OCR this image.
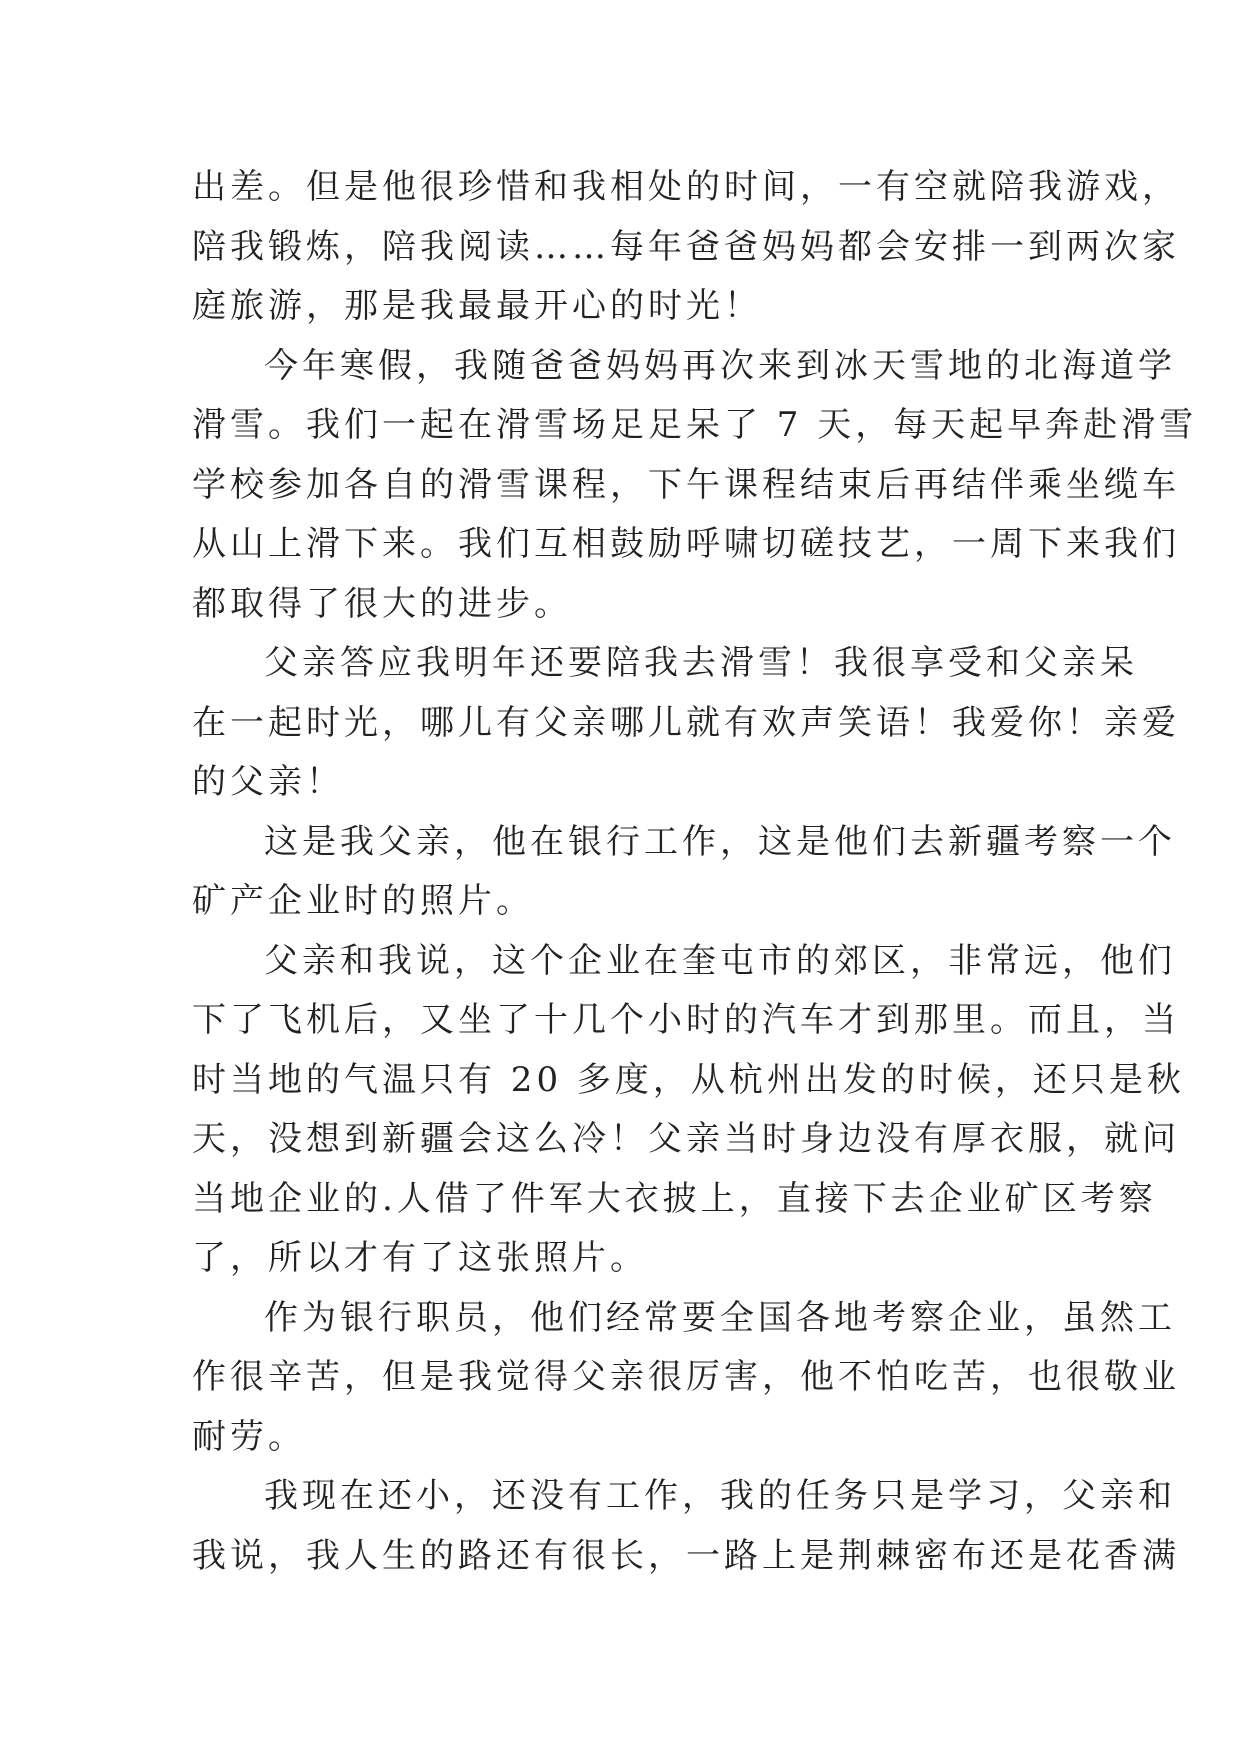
出差。但是他很珍惜和我相处的时间，一有空就陪我游戏，
陪我锻炼，陪我阅读……每年爸爸妈妈都会安排一到两次家
庭旅游，那是我最最开心的时光！
今年寒假，我随爸爸妈妈再次来到冰天雪地的北海道学
滑雪。我们一起在滑雪场足足呆了 7 天，每天起早奔赴滑雪
学校参加各自的滑雪课程，下午课程结束后再结伴乘坐缆车
从山上滑下来。我们互相鼓励呼啸切磋技艺，一周下来我们
都取得了很大的进步。
父亲答应我明年还要陪我去滑雪！我很享受和父亲呆
在一起时光，哪儿有父亲哪儿就有欢声笑语！我爱你！亲爱
的父亲！
这是我父亲，他在银行工作，这是他们去新疆考察一个
矿产企业时的照片。
父亲和我说，这个企业在奎屯市的郊区，非常远，他们
下了飞机后，又坐了十几个小时的汽车才到那里。而且，当
时当地的气温只有 20 多度，从杭州出发的时候，还只是秋
天，没想到新疆会这么冷！父亲当时身边没有厚衣服，就问
当地企业的.人借了件军大衣披上，直接下去企业矿区考察
了，所以才有了这张照片。
作为银行职员，他们经常要全国各地考察企业，虽然工
作很辛苦，但是我觉得父亲很厉害，他不怕吃苦，也很敬业
耐劳。
我现在还小，还没有工作，我的任务只是学习，父亲和
我说，我人生的路还有很长，一路上是荆棘密布还是花香满
